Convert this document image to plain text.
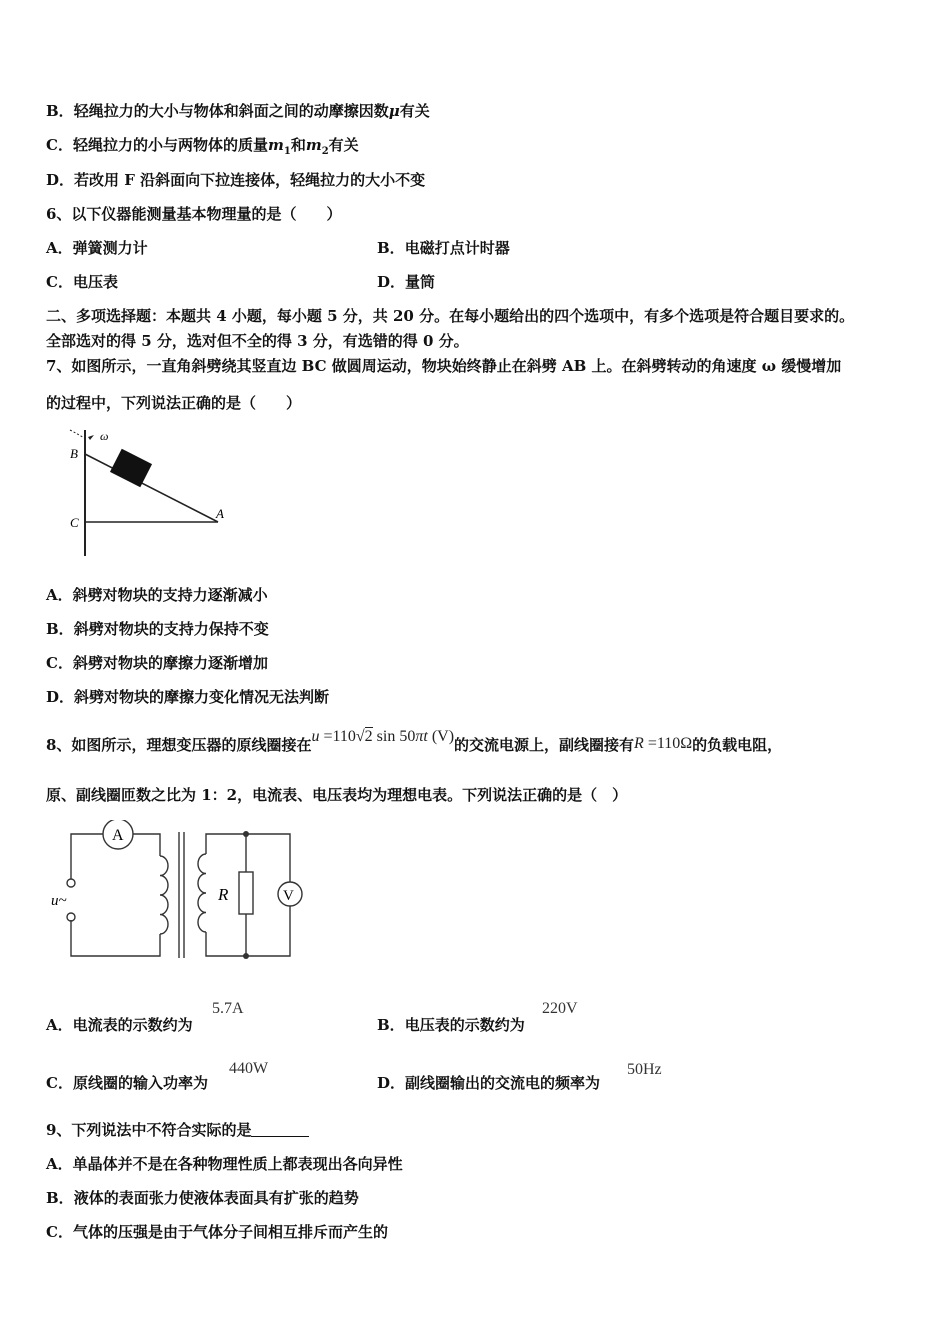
B．轻绳拉力的大小与物体和斜面之间的动摩擦因数μ有关
C．轻绳拉力的小与两物体的质量$m_1$和$m_2$有关
D．若改用 F 沿斜面向下拉连接体，轻绳拉力的大小不变
6、以下仪器能测量基本物理量的是（　　）
A．弹簧测力计	B．电磁打点计时器
C．电压表	D．量筒
二、多项选择题：本题共 4 小题，每小题 5 分，共 20 分。在每小题给出的四个选项中，有多个选项是符合题目要求的。
全部选对的得 5 分，选对但不全的得 3 分，有选错的得 0 分。
7、如图所示，一直角斜劈绕其竖直边 BC 做圆周运动，物块始终静止在斜劈 AB 上。在斜劈转动的角速度 ω 缓慢增加
的过程中，下列说法正确的是（　　）
ω
B
C
A
A．斜劈对物块的支持力逐渐减小
B．斜劈对物块的支持力保持不变
C．斜劈对物块的摩擦力逐渐增加
D．斜劈对物块的摩擦力变化情况无法判断
8、如图所示，理想变压器的原线圈接在u =110√2 sin 50πt (V)的交流电源上，副线圈接有R =110Ω的负载电阻，
原、副线圈匝数之比为 1：2，电流表、电压表均为理想电表。下列说法正确的是（　）
A
V
R
u~
A．电流表的示数约为
5.7A
B．电压表的示数约为
220V
C．原线圈的输入功率为
440W
D．副线圈输出的交流电的频率为
50Hz
9、下列说法中不符合实际的是
A．单晶体并不是在各种物理性质上都表现出各向异性
B．液体的表面张力使液体表面具有扩张的趋势
C．气体的压强是由于气体分子间相互排斥而产生的
